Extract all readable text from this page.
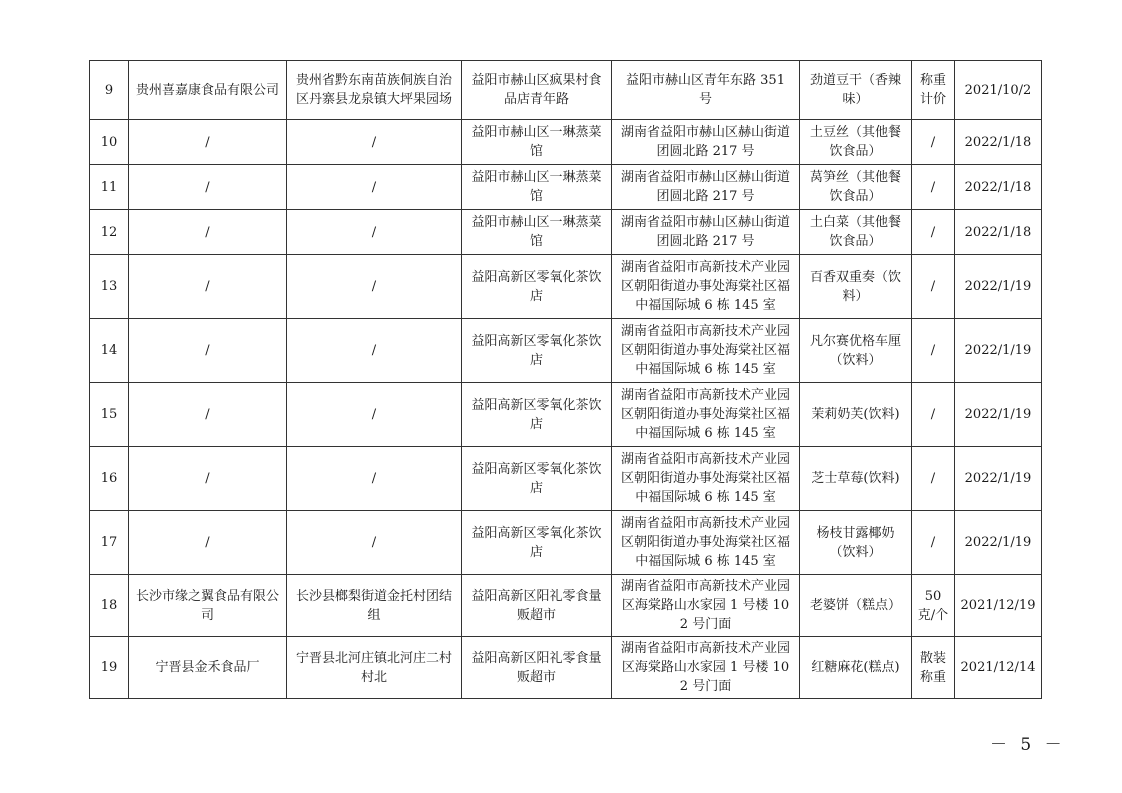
9	贵州喜嘉康食品有限公司	贵州省黔东南苗族侗族自治区丹寨县龙泉镇大坪果园场	益阳市赫山区疯果村食品店青年路	益阳市赫山区青年东路 351 号	劲道豆干（香辣味）	称重计价	2021/10/2
10	/	/	益阳市赫山区一琳蒸菜馆	湖南省益阳市赫山区赫山街道团圆北路 217 号	土豆丝（其他餐饮食品）	/	2022/1/18
11	/	/	益阳市赫山区一琳蒸菜馆	湖南省益阳市赫山区赫山街道团圆北路 217 号	莴笋丝（其他餐饮食品）	/	2022/1/18
12	/	/	益阳市赫山区一琳蒸菜馆	湖南省益阳市赫山区赫山街道团圆北路 217 号	土白菜（其他餐饮食品）	/	2022/1/18
13	/	/	益阳高新区零氧化茶饮店	湖南省益阳市高新技术产业园区朝阳街道办事处海棠社区福中福国际城 6 栋 145 室	百香双重奏（饮料）	/	2022/1/19
14	/	/	益阳高新区零氧化茶饮店	湖南省益阳市高新技术产业园区朝阳街道办事处海棠社区福中福国际城 6 栋 145 室	凡尔赛优格车厘（饮料）	/	2022/1/19
15	/	/	益阳高新区零氧化茶饮店	湖南省益阳市高新技术产业园区朝阳街道办事处海棠社区福中福国际城 6 栋 145 室	茉莉奶芙(饮料)	/	2022/1/19
16	/	/	益阳高新区零氧化茶饮店	湖南省益阳市高新技术产业园区朝阳街道办事处海棠社区福中福国际城 6 栋 145 室	芝士草莓(饮料)	/	2022/1/19
17	/	/	益阳高新区零氧化茶饮店	湖南省益阳市高新技术产业园区朝阳街道办事处海棠社区福中福国际城 6 栋 145 室	杨枝甘露椰奶（饮料）	/	2022/1/19
18	长沙市缘之翼食品有限公司	长沙县榔梨街道金托村团结组	益阳高新区阳礼零食量贩超市	湖南省益阳市高新技术产业园区海棠路山水家园 1 号楼 102 号门面	老婆饼（糕点）	50 克/个	2021/12/19
19	宁晋县金禾食品厂	宁晋县北河庄镇北河庄二村村北	益阳高新区阳礼零食量贩超市	湖南省益阳市高新技术产业园区海棠路山水家园 1 号楼 102 号门面	红糖麻花(糕点)	散装称重	2021/12/14
－ 5 －
